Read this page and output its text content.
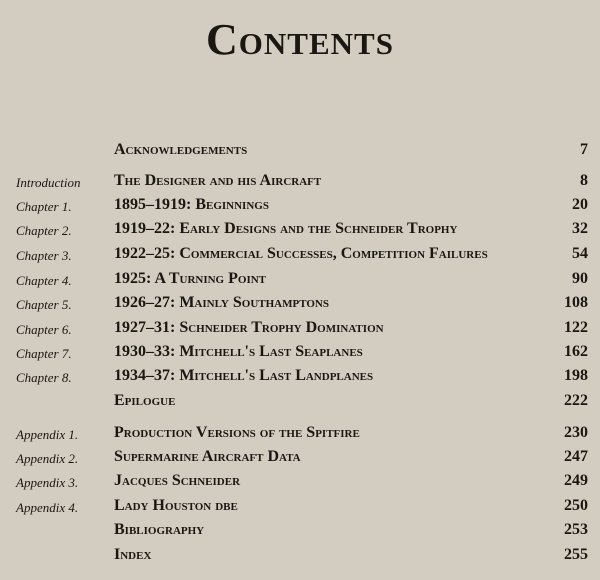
Contents
Acknowledgements	7
Introduction The Designer and his Aircraft	8
Chapter 1.	1895–1919: Beginnings	20
Chapter 2.	1919–22: Early Designs and the Schneider Trophy	32
Chapter 3.	1922–25: Commercial Successes, Competition Failures	54
Chapter 4.	1925: A Turning Point	90
Chapter 5.	1926–27: Mainly Southamptons	108
Chapter 6.	1927–31: Schneider Trophy Domination	122
Chapter 7.	1930–33: Mitchell's Last Seaplanes	162
Chapter 8.	1934–37: Mitchell's Last Landplanes	198
Epilogue	222
Appendix 1. Production Versions of the Spitfire	230
Appendix 2. Supermarine Aircraft Data	247
Appendix 3. Jacques Schneider	249
Appendix 4. Lady Houston dbe	250
Bibliography	253
Index	255
